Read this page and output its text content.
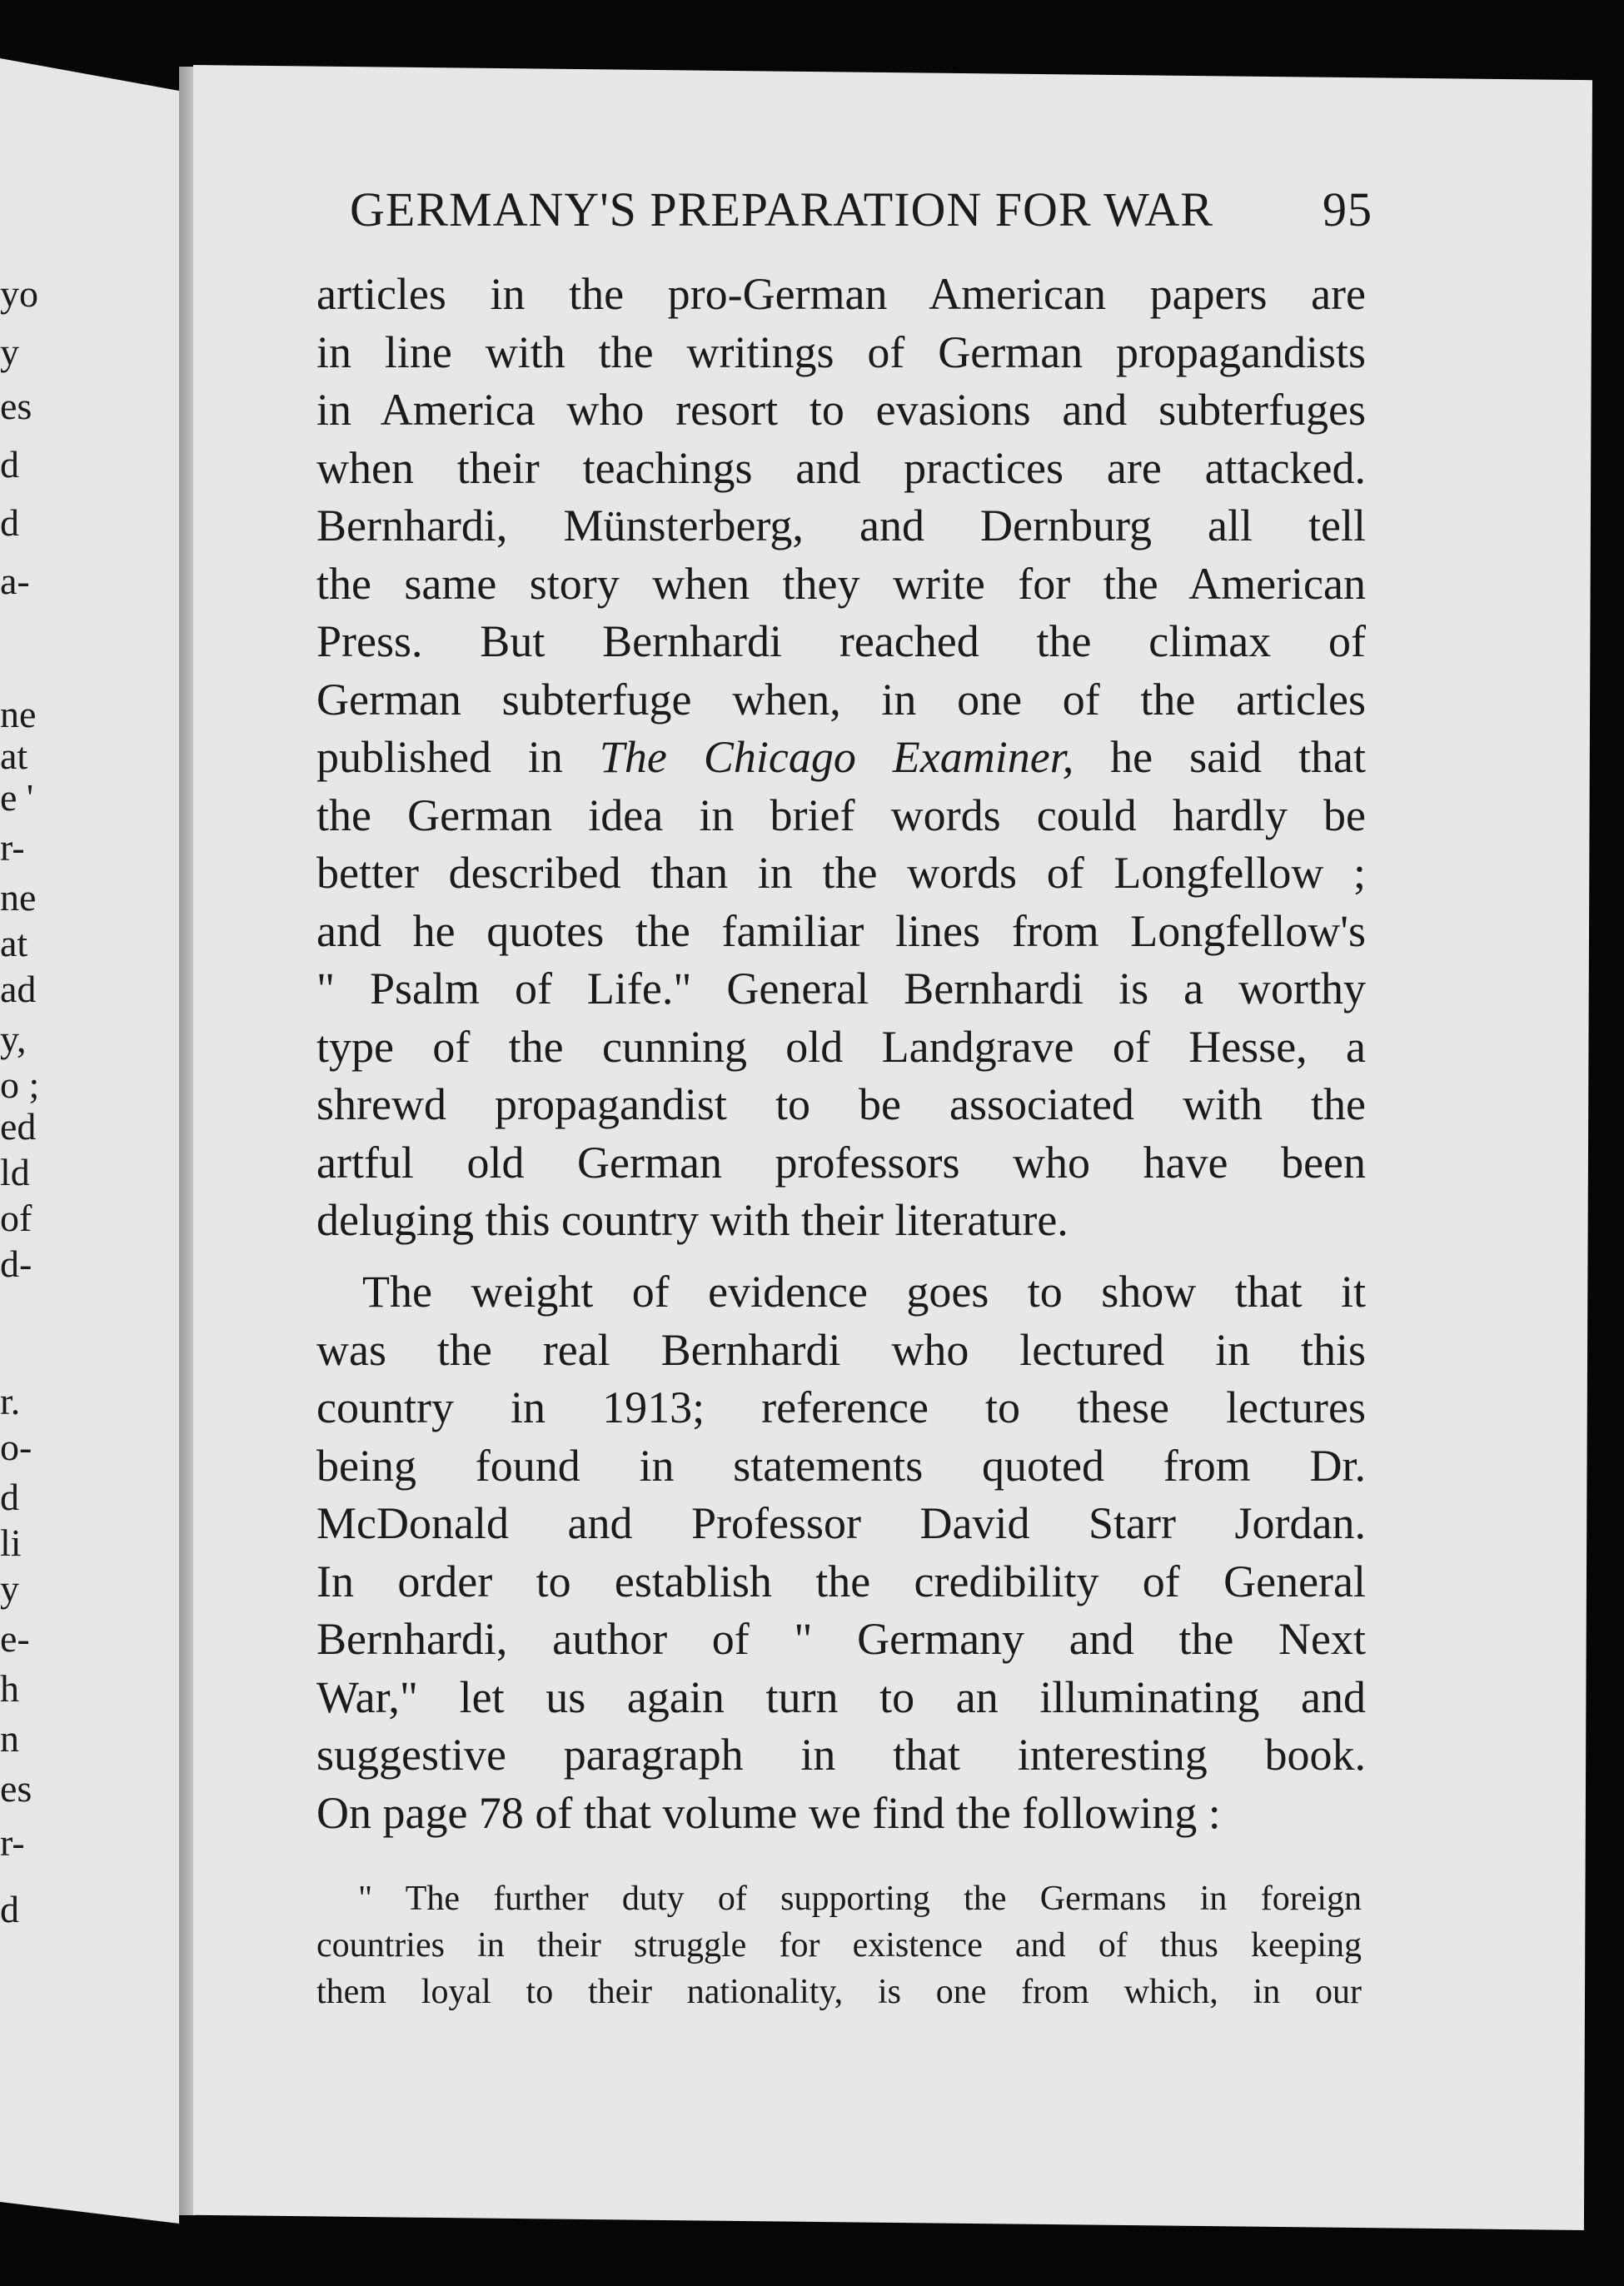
yo
y
es
d
d
a-
ne
at
e '
r-
ne
at
ad
y,
o ;
ed
ld
of
d-
r.
o-
d
li
y
e-
h
n
es
r-
d
GERMANY'S PREPARATION FOR WAR 95
articles in the pro-German American papers are
in line with the writings of German propagandists
in America who resort to evasions and subterfuges
when their teachings and practices are attacked.
Bernhardi, Münsterberg, and Dernburg all tell
the same story when they write for the American
Press. But Bernhardi reached the climax of
German subterfuge when, in one of the articles
published in The Chicago Examiner, he said that
the German idea in brief words could hardly be
better described than in the words of Longfellow ;
and he quotes the familiar lines from Longfellow's
" Psalm of Life." General Bernhardi is a worthy
type of the cunning old Landgrave of Hesse, a
shrewd propagandist to be associated with the
artful old German professors who have been
deluging this country with their literature.
The weight of evidence goes to show that it
was the real Bernhardi who lectured in this
country in 1913; reference to these lectures
being found in statements quoted from Dr.
McDonald and Professor David Starr Jordan.
In order to establish the credibility of General
Bernhardi, author of " Germany and the Next
War," let us again turn to an illuminating and
suggestive paragraph in that interesting book.
On page 78 of that volume we find the following :
" The further duty of supporting the Germans in foreign
countries in their struggle for existence and of thus keeping
them loyal to their nationality, is one from which, in our
